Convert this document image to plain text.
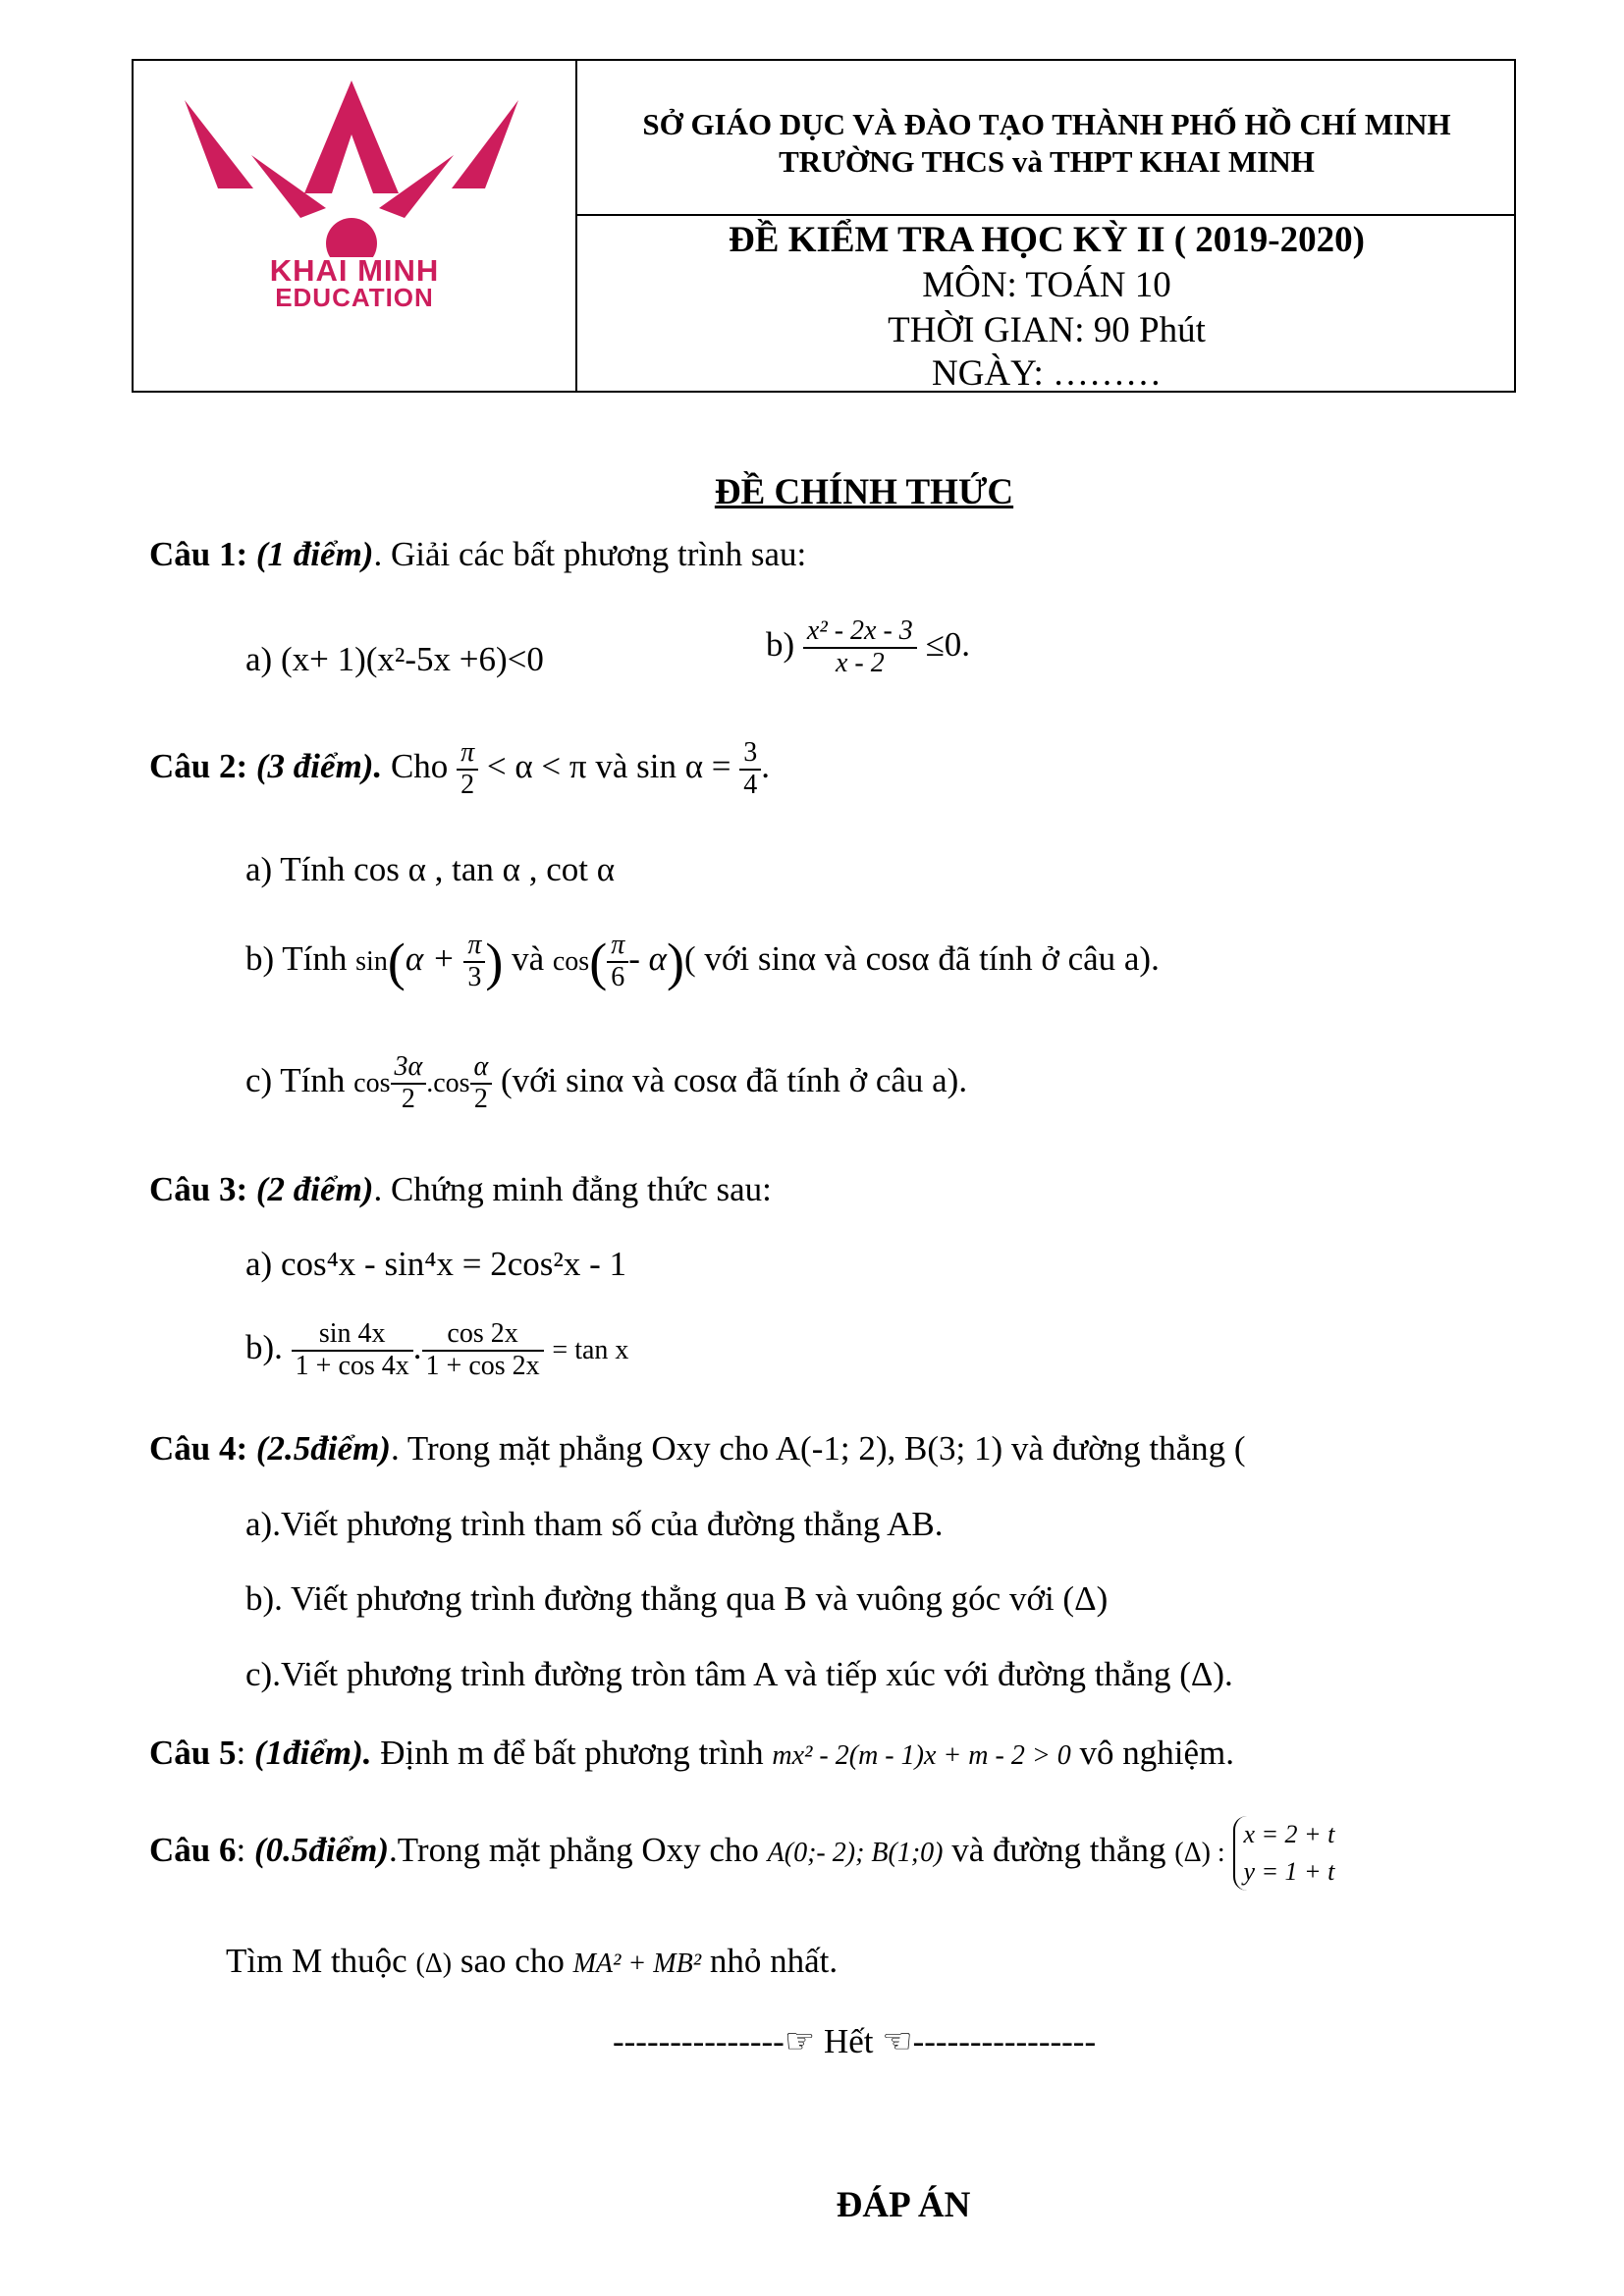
KHAI MINH
EDUCATION
SỞ GIÁO DỤC VÀ ĐÀO TẠO THÀNH PHỐ HỒ CHÍ MINH
TRƯỜNG THCS và THPT KHAI MINH
ĐỀ KIỂM TRA HỌC KỲ II ( 2019-2020)
MÔN: TOÁN 10
THỜI GIAN: 90 Phút
NGÀY: ………
ĐỀ CHÍNH THỨC
Câu 1: (1 điểm). Giải các bất phương trình sau:
a) (x+ 1)(x²-5x +6)<0	$b) \frac{\text{x² - 2x - 3}}{x - 2} \le 0$.
Câu 2: (3 điểm). Cho $\frac{\pi}{2} < \alpha < \pi$ và $\sin \alpha = \frac{3}{4}$ .
a) Tính cos α , tan α , cot α
b) Tính $\sin(\alpha + \frac{\pi}{3}$ ) và $\cos( \frac{\pi}{6} - \alpha)$( với sinα và cosα đã tính ở câu a).
c) Tính $\cos \frac{3\alpha}{2} .\cos \frac{\alpha}{2}$ (với sinα và cosα đã tính ở câu a).
Câu 3: (2 điểm). Chứng minh đẳng thức sau:
a) cos⁴x - sin⁴x = 2cos²x - 1
b). $\frac{\sin 4x}{1 + \cos 4x}$ . $\frac{\cos 2x}{1 + \cos 2x} = \tan x$
Câu 4: (2.5điểm). Trong mặt phẳng Oxy cho A(-1; 2), B(3; 1) và đường thẳng (
a).Viết phương trình tham số của đường thẳng AB.
b). Viết phương trình đường thẳng qua B và vuông góc với (Δ)
c).Viết phương trình đường tròn tâm A và tiếp xúc với đường thẳng (Δ).
Câu 5: (1điểm). Định m để bất phương trình mx² - 2(m - 1)x + m - 2 > 0 vô nghiệm.
Câu 6: (0.5điểm).Trong mặt phẳng Oxy cho A(0;- 2); B(1;0) và đường thẳng (Δ) :
x = 2 + t
y = 1 + t
Tìm M thuộc (Δ) sao cho MA² + MB² nhỏ nhất.
---------------☞ Hết ☜----------------
ĐÁP ÁN
